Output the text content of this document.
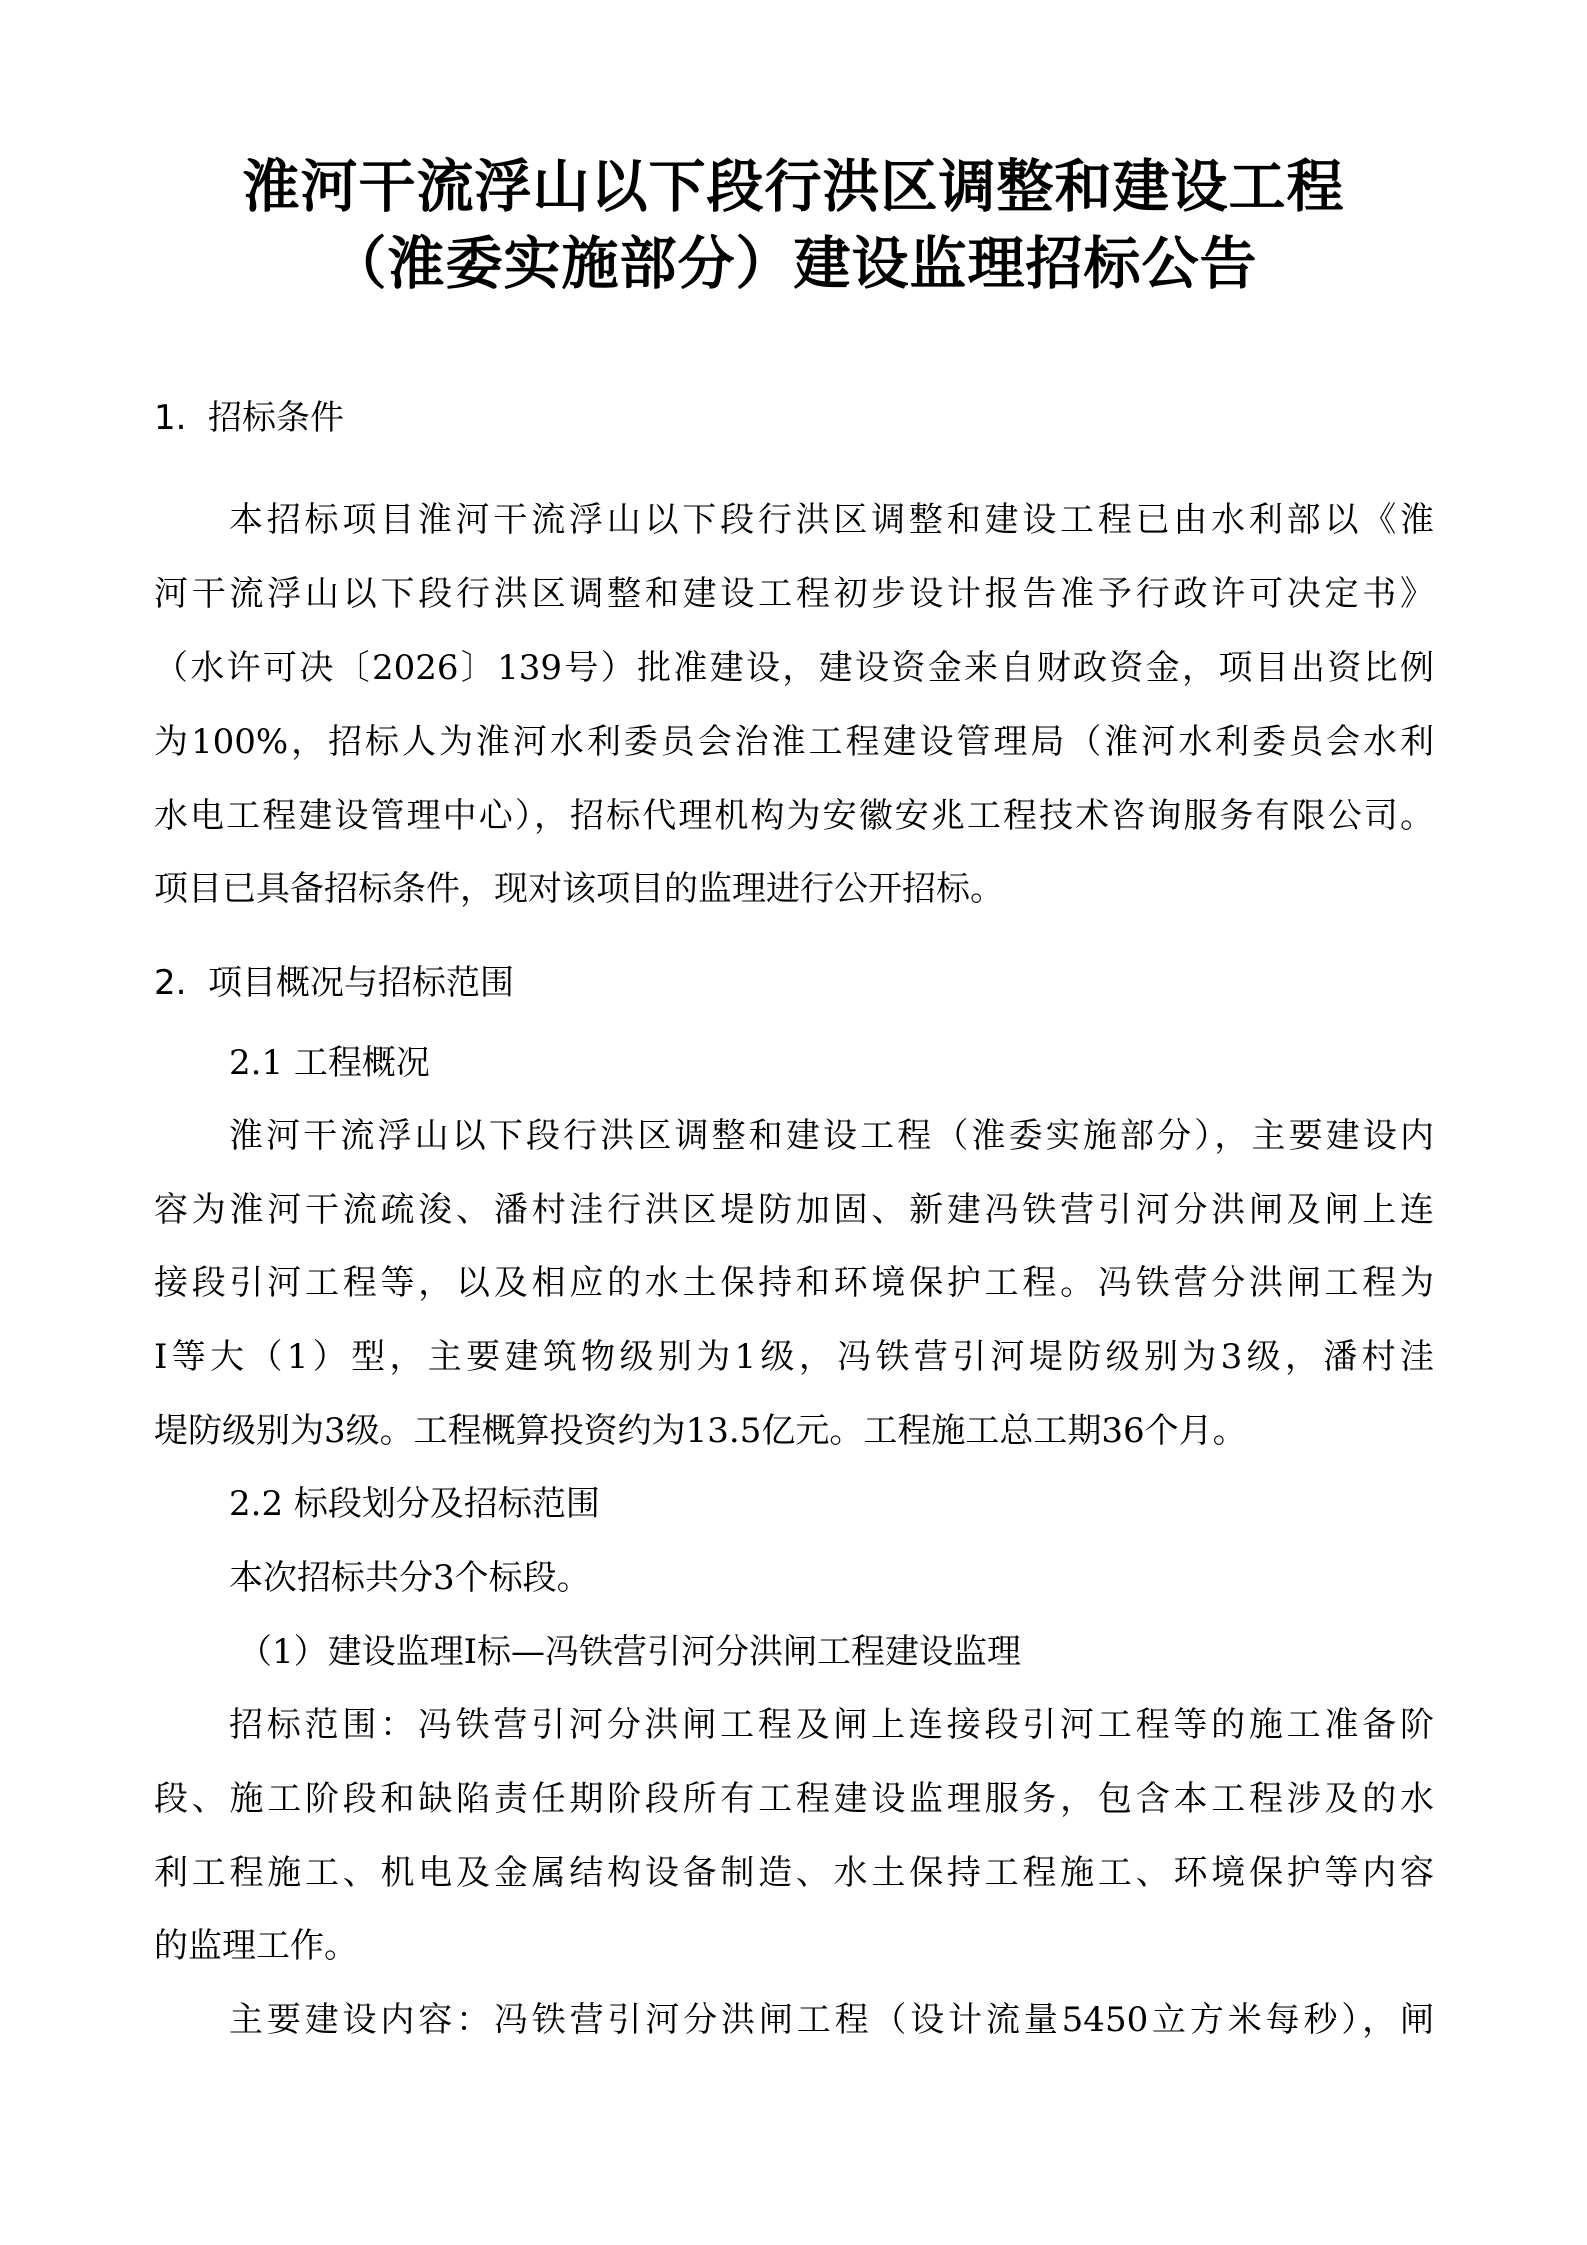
淮河干流浮山以下段行洪区调整和建设工程
（淮委实施部分）建设监理招标公告
1. 招标条件
本招标项目淮河干流浮山以下段行洪区调整和建设工程已由水利部以《淮
河干流浮山以下段行洪区调整和建设工程初步设计报告准予行政许可决定书》
（水许可决〔2026〕139号）批准建设，建设资金来自财政资金，项目出资比例
为100%，招标人为淮河水利委员会治淮工程建设管理局（淮河水利委员会水利
水电工程建设管理中心），招标代理机构为安徽安兆工程技术咨询服务有限公司。
项目已具备招标条件，现对该项目的监理进行公开招标。
2. 项目概况与招标范围
2.1 工程概况
淮河干流浮山以下段行洪区调整和建设工程（淮委实施部分），主要建设内
容为淮河干流疏浚、潘村洼行洪区堤防加固、新建冯铁营引河分洪闸及闸上连
接段引河工程等，以及相应的水土保持和环境保护工程。冯铁营分洪闸工程为
Ⅰ等大（1）型，主要建筑物级别为1级，冯铁营引河堤防级别为3级，潘村洼
堤防级别为3级。工程概算投资约为13.5亿元。工程施工总工期36个月。
2.2 标段划分及招标范围
本次招标共分3个标段。
（1）建设监理Ⅰ标—冯铁营引河分洪闸工程建设监理
招标范围：冯铁营引河分洪闸工程及闸上连接段引河工程等的施工准备阶
段、施工阶段和缺陷责任期阶段所有工程建设监理服务，包含本工程涉及的水
利工程施工、机电及金属结构设备制造、水土保持工程施工、环境保护等内容
的监理工作。
主要建设内容：冯铁营引河分洪闸工程（设计流量5450立方米每秒），闸
